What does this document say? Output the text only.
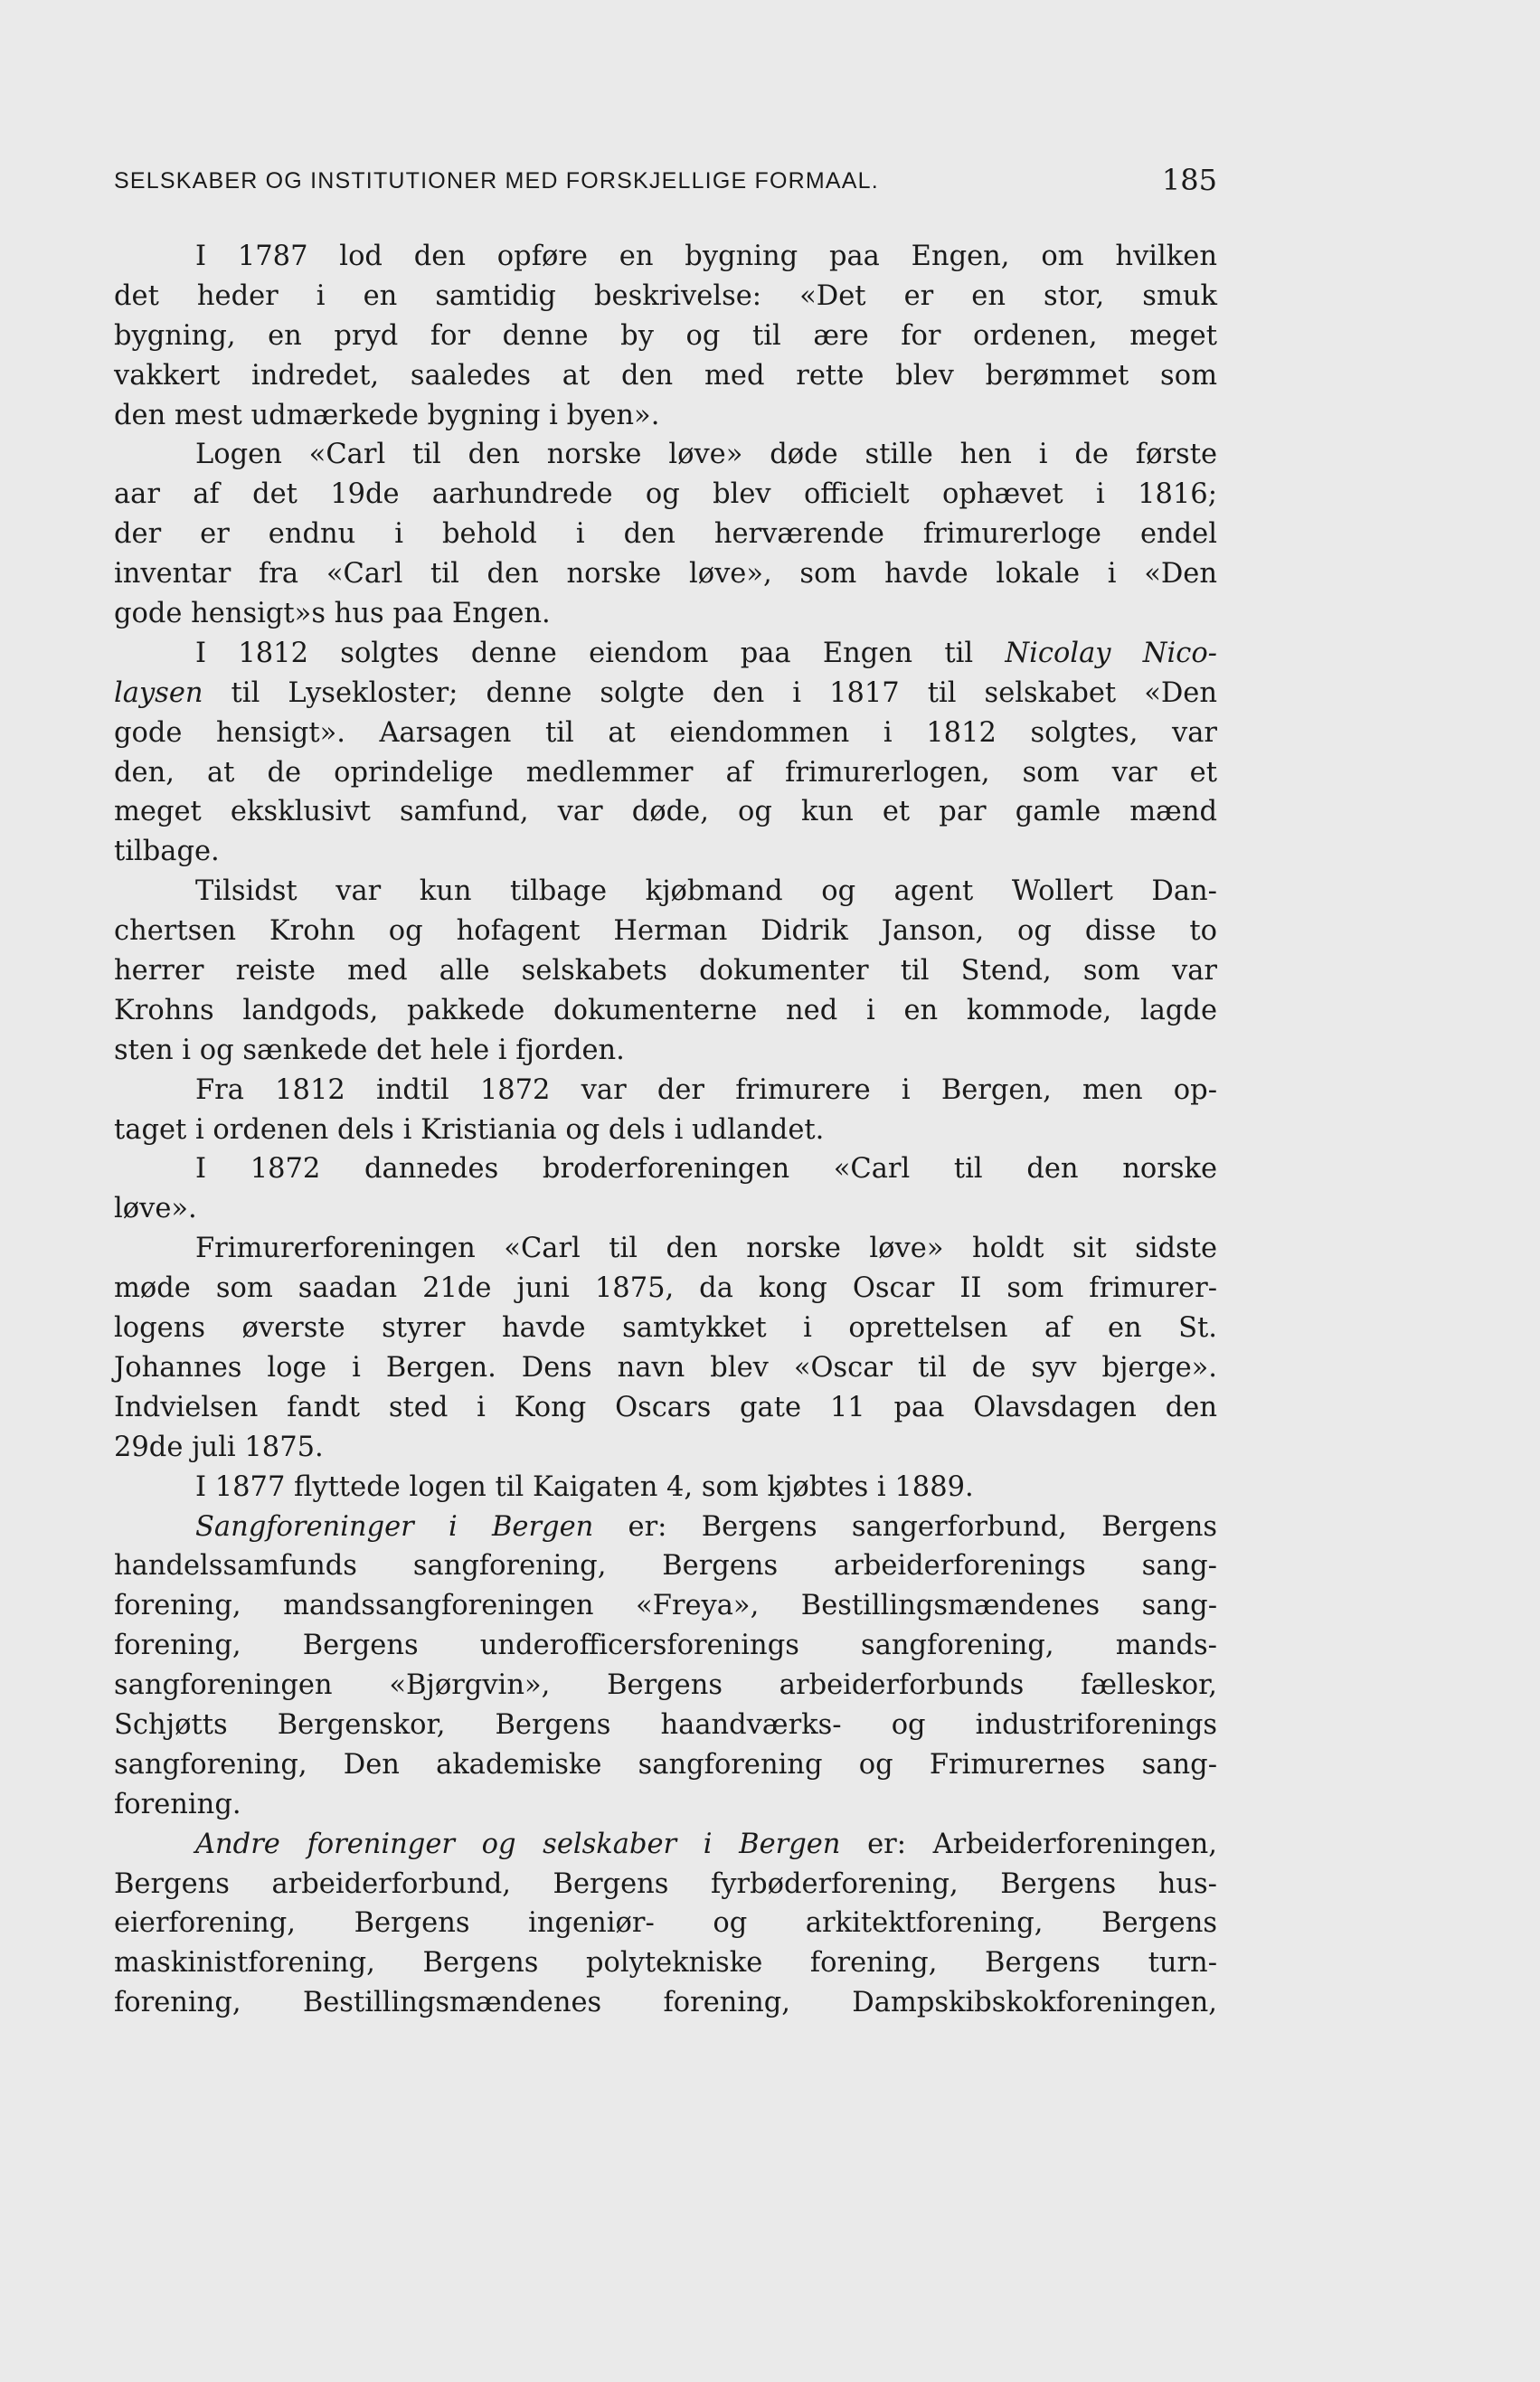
SELSKABER OG INSTITUTIONER MED FORSKJELLIGE FORMAAL.	185
I 1787 lod den opføre en bygning paa Engen, om hvilken
det heder i en samtidig beskrivelse: «Det er en stor, smuk
bygning, en pryd for denne by og til ære for ordenen, meget
vakkert indredet, saaledes at den med rette blev berømmet som
den mest udmærkede bygning i byen».
Logen «Carl til den norske løve» døde stille hen i de første
aar af det 19de aarhundrede og blev officielt ophævet i 1816;
der er endnu i behold i den herværende frimurerloge endel
inventar fra «Carl til den norske løve», som havde lokale i «Den
gode hensigt»s hus paa Engen.
I 1812 solgtes denne eiendom paa Engen til Nicolay Nico-
laysen til Lysekloster; denne solgte den i 1817 til selskabet «Den
gode hensigt». Aarsagen til at eiendommen i 1812 solgtes, var
den, at de oprindelige medlemmer af frimurerlogen, som var et
meget eksklusivt samfund, var døde, og kun et par gamle mænd
tilbage.
Tilsidst var kun tilbage kjøbmand og agent Wollert Dan-
chertsen Krohn og hofagent Herman Didrik Janson, og disse to
herrer reiste med alle selskabets dokumenter til Stend, som var
Krohns landgods, pakkede dokumenterne ned i en kommode, lagde
sten i og sænkede det hele i fjorden.
Fra 1812 indtil 1872 var der frimurere i Bergen, men op-
taget i ordenen dels i Kristiania og dels i udlandet.
I 1872 dannedes broderforeningen «Carl til den norske
løve».
Frimurerforeningen «Carl til den norske løve» holdt sit sidste
møde som saadan 21de juni 1875, da kong Oscar II som frimurer-
logens øverste styrer havde samtykket i oprettelsen af en St.
Johannes loge i Bergen. Dens navn blev «Oscar til de syv bjerge».
Indvielsen fandt sted i Kong Oscars gate 11 paa Olavsdagen den
29de juli 1875.
I 1877 flyttede logen til Kaigaten 4, som kjøbtes i 1889.
Sangforeninger i Bergen er: Bergens sangerforbund, Bergens
handelssamfunds sangforening, Bergens arbeiderforenings sang-
forening, mandssangforeningen «Freya», Bestillingsmændenes sang-
forening, Bergens underofficersforenings sangforening, mands-
sangforeningen «Bjørgvin», Bergens arbeiderforbunds fælleskor,
Schjøtts Bergenskor, Bergens haandværks- og industriforenings
sangforening, Den akademiske sangforening og Frimurernes sang-
forening.
Andre foreninger og selskaber i Bergen er: Arbeiderforeningen,
Bergens arbeiderforbund, Bergens fyrbøderforening, Bergens hus-
eierforening, Bergens ingeniør- og arkitektforening, Bergens
maskinistforening, Bergens polytekniske forening, Bergens turn-
forening, Bestillingsmændenes forening, Dampskibskokforeningen,
